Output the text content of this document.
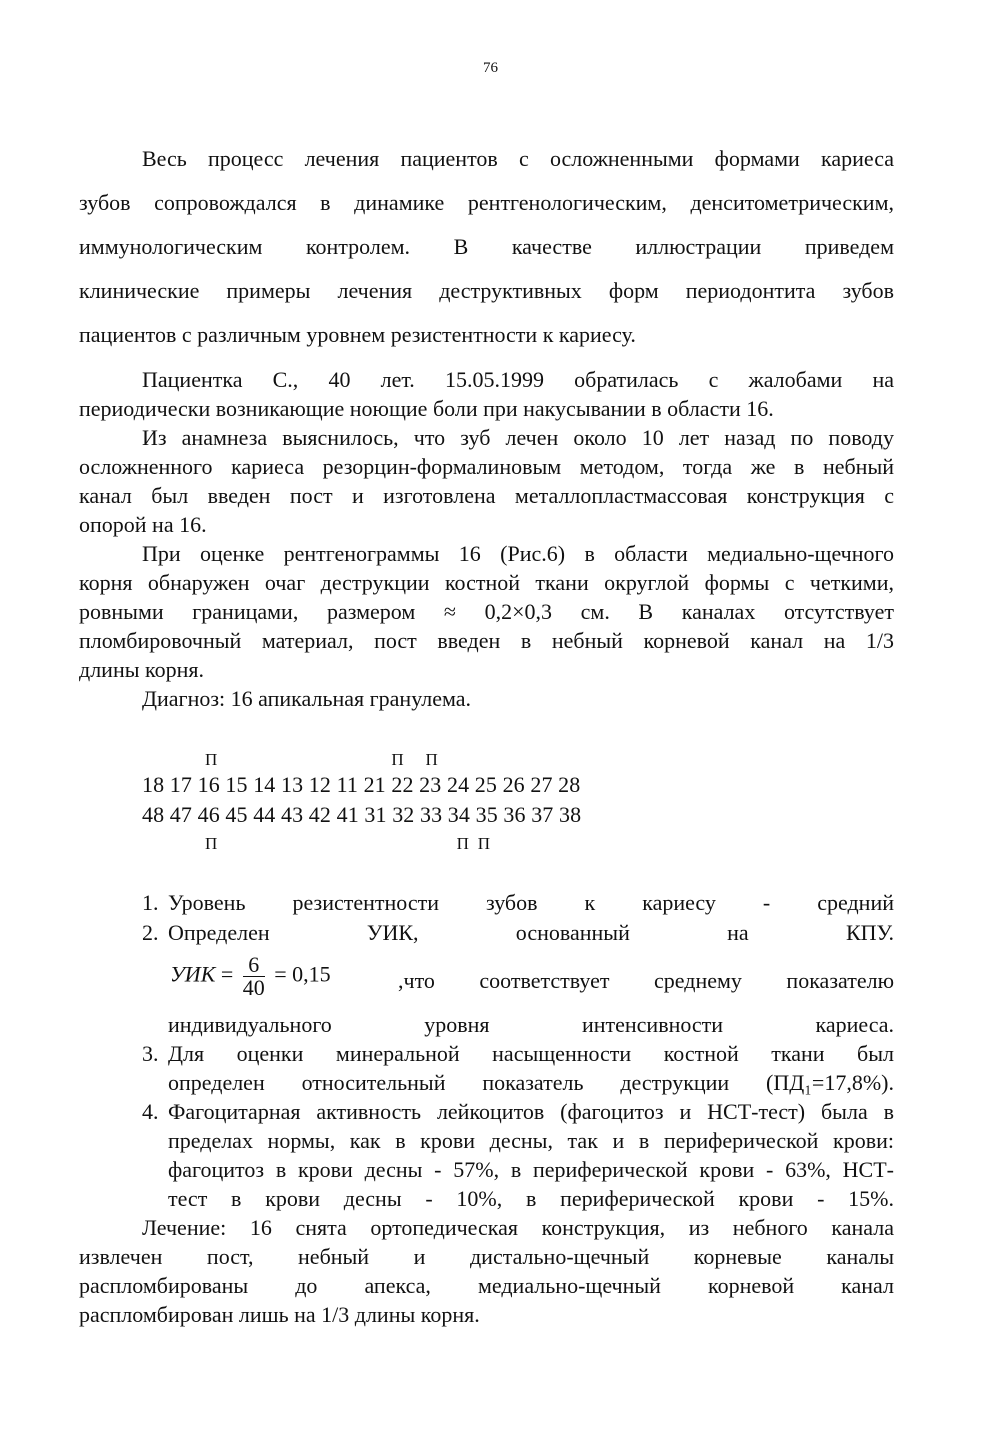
76
Весь процесс лечения пациентов с осложненными формами кариеса
зубов сопровождался в динамике рентгенологическим, денситометрическим,
иммунологическим контролем. В качестве иллюстрации приведем
клинические примеры лечения деструктивных форм периодонтита зубов
пациентов с различным уровнем резистентности к кариесу.
Пациентка С., 40 лет. 15.05.1999 обратилась с жалобами на
периодически возникающие ноющие боли при накусывании в области 16.
Из анамнеза выяснилось, что зуб лечен около 10 лет назад по поводу
осложненного кариеса резорцин-формалиновым методом, тогда же в небный
канал был введен пост и изготовлена металлопластмассовая конструкция с
опорой на 16.
При оценке рентгенограммы 16 (Рис.6) в области медиально-щечного
корня обнаружен очаг деструкции костной ткани округлой формы с четкими,
ровными границами, размером ≈ 0,2×0,3 см. В каналах отсутствует
пломбировочный материал, пост введен в небный корневой канал на 1/3
длины корня.
Диагноз: 16 апикальная гранулема.
П                                        П     П
18 17 16 15 14 13 12 11 21 22 23 24 25 26 27 28
48 47 46 45 44 43 42 41 31 32 33 34 35 36 37 38
П                                                       П  П
1. Уровень резистентности зубов к кариесу - средний
2. Определен УИК, основанный на КПУ.
УИК = $\frac{6}{40} = 0,15$	,что соответствует среднему показателю
индивидуального уровня интенсивности кариеса.
3. Для оценки минеральной насыщенности костной ткани был
определен относительный показатель деструкции (ПД₁=17,8%).
4. Фагоцитарная активность лейкоцитов (фагоцитоз и НСТ-тест) была в
пределах нормы, как в крови десны, так и в периферической крови:
фагоцитоз в крови десны - 57%, в периферической крови - 63%, НСТ-
тест в крови десны - 10%, в периферической крови - 15%.
Лечение: 16 снята ортопедическая конструкция, из небного канала
извлечен пост, небный и дистально-щечный корневые каналы
распломбированы до апекса, медиально-щечный корневой канал
распломбирован лишь на 1/3 длины корня.
